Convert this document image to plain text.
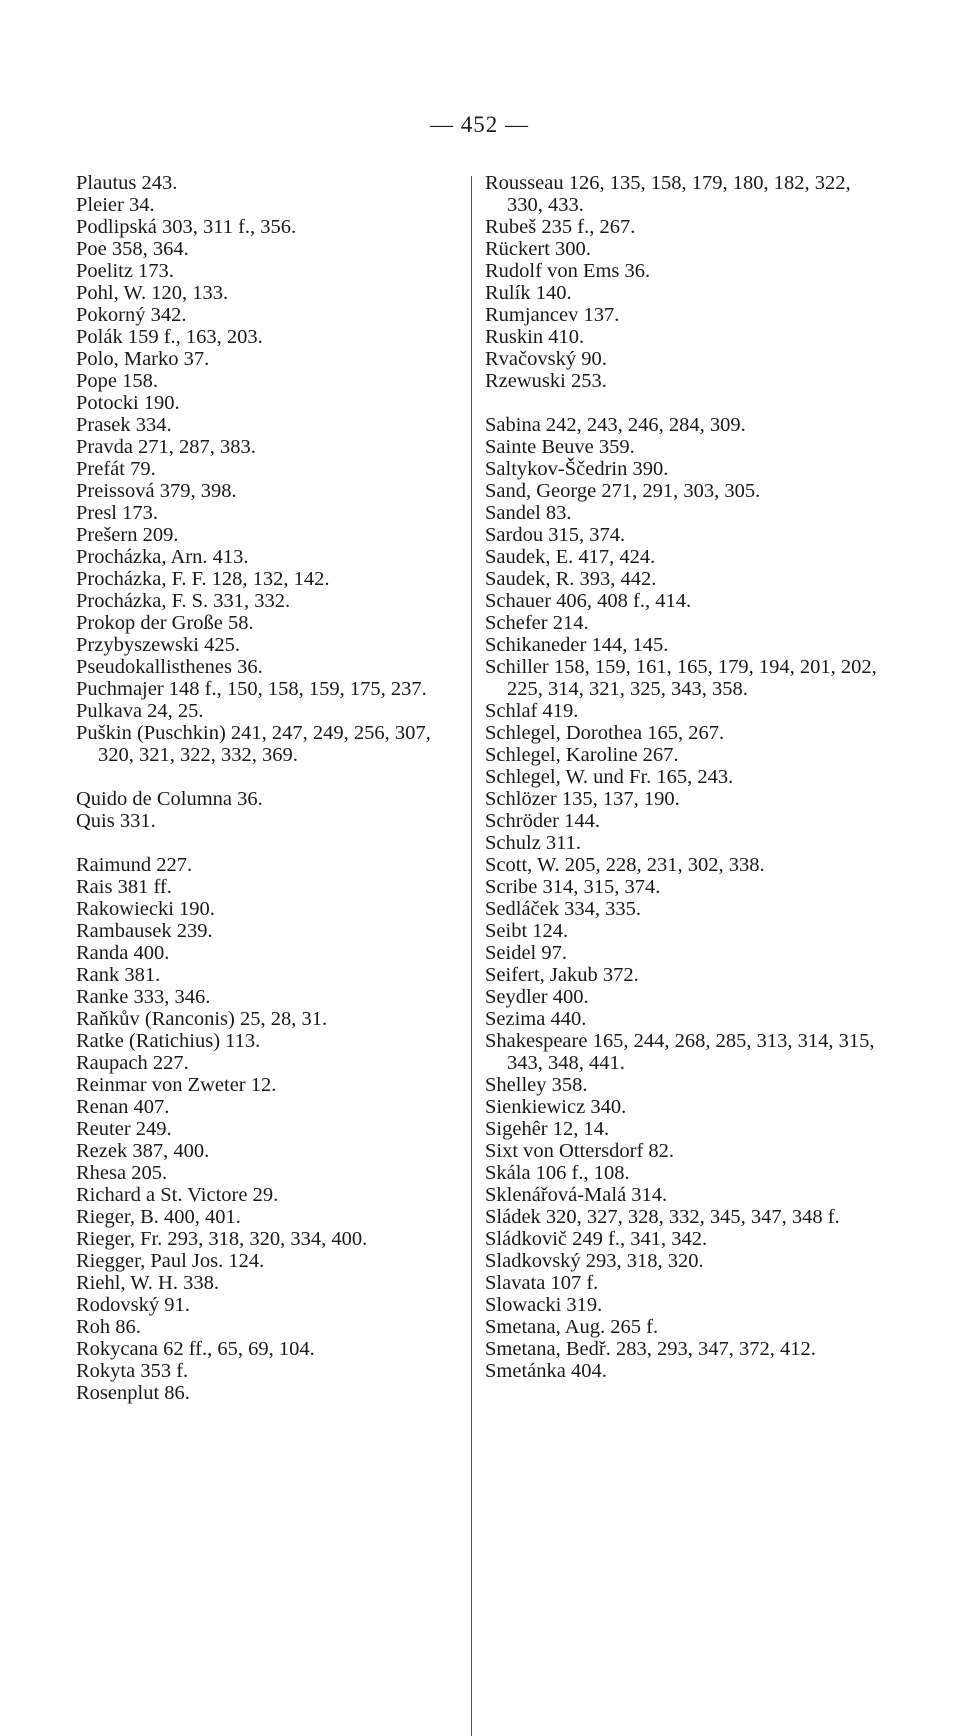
— 452 —

Plautus 243.

Pleier 34.

Podlipská 303, 311 f., 356.

Poe 358, 364.

Poelitz 173.

Pohl, W. 120, 133.

Pokorný 342.

Polák 159 f., 163, 203.

Polo, Marko 37.

Pope 158.

Potocki 190.

Prasek 334.

Pravda 271, 287, 383.

Prefát 79.

Preissová 379, 398.

Presl 173.

Prešern 209.

Procházka, Arn. 413.

Procházka, F. F. 128, 132, 142.

Procházka, F. S. 331, 332.

Prokop der Große 58.

Przybyszewski 425.

Pseudokallisthenes 36.

Puchmajer 148 f., 150, 158, 159, 175, 237.

Pulkava 24, 25.

Puškin (Puschkin) 241, 247, 249, 256, 307, 320, 321, 322, 332, 369.

Quido de Columna 36.

Quis 331.

Raimund 227.

Rais 381 ff.

Rakowiecki 190.

Rambausek 239.

Randa 400.

Rank 381.

Ranke 333, 346.

Raňkův (Ranconis) 25, 28, 31.

Ratke (Ratichius) 113.

Raupach 227.

Reinmar von Zweter 12.

Renan 407.

Reuter 249.

Rezek 387, 400.

Rhesa 205.

Richard a St. Victore 29.

Rieger, B. 400, 401.

Rieger, Fr. 293, 318, 320, 334, 400.

Riegger, Paul Jos. 124.

Riehl, W. H. 338.

Rodovský 91.

Roh 86.

Rokycana 62 ff., 65, 69, 104.

Rokyta 353 f.

Rosenplut 86.

Rousseau 126, 135, 158, 179, 180, 182, 322, 330, 433.

Rubeš 235 f., 267.

Rückert 300.

Rudolf von Ems 36.

Rulík 140.

Rumjancev 137.

Ruskin 410.

Rvačovský 90.

Rzewuski 253.

Sabina 242, 243, 246, 284, 309.

Sainte Beuve 359.

Saltykov-Ščedrin 390.

Sand, George 271, 291, 303, 305.

Sandel 83.

Sardou 315, 374.

Saudek, E. 417, 424.

Saudek, R. 393, 442.

Schauer 406, 408 f., 414.

Schefer 214.

Schikaneder 144, 145.

Schiller 158, 159, 161, 165, 179, 194, 201, 202, 225, 314, 321, 325, 343, 358.

Schlaf 419.

Schlegel, Dorothea 165, 267.

Schlegel, Karoline 267.

Schlegel, W. und Fr. 165, 243.

Schlözer 135, 137, 190.

Schröder 144.

Schulz 311.

Scott, W. 205, 228, 231, 302, 338.

Scribe 314, 315, 374.

Sedláček 334, 335.

Seibt 124.

Seidel 97.

Seifert, Jakub 372.

Seydler 400.

Sezima 440.

Shakespeare 165, 244, 268, 285, 313, 314, 315, 343, 348, 441.

Shelley 358.

Sienkiewicz 340.

Sigehêr 12, 14.

Sixt von Ottersdorf 82.

Skála 106 f., 108.

Sklenářová-Malá 314.

Sládek 320, 327, 328, 332, 345, 347, 348 f.

Sládkovič 249 f., 341, 342.

Sladkovský 293, 318, 320.

Slavata 107 f.

Slowacki 319.

Smetana, Aug. 265 f.

Smetana, Bedř. 283, 293, 347, 372, 412.

Smetánka 404.
